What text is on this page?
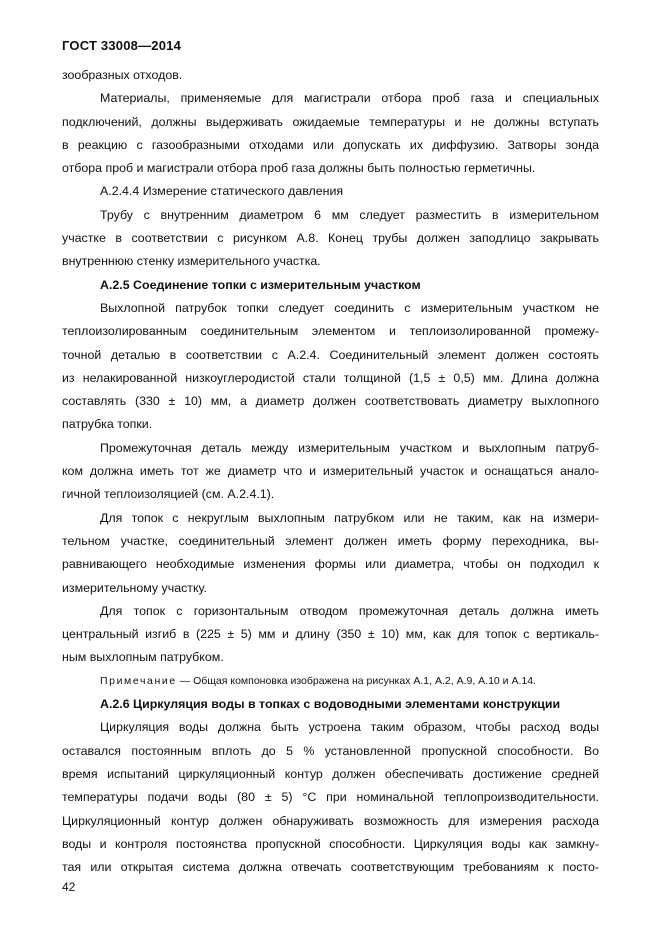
ГОСТ 33008—2014
зообразных отходов.
Материалы, применяемые для магистрали отбора проб газа и специальных
подключений, должны выдерживать ожидаемые температуры и не должны вступать
в реакцию с газообразными отходами или допускать их диффузию. Затворы зонда
отбора проб и магистрали отбора проб газа должны быть полностью герметичны.
А.2.4.4 Измерение статического давления
Трубу с внутренним диаметром 6 мм следует разместить в измерительном
участке в соответствии с рисунком А.8. Конец трубы должен заподлицо закрывать
внутреннюю стенку измерительного участка.
А.2.5 Соединение топки с измерительным участком
Выхлопной патрубок топки следует соединить с измерительным участком не
теплоизолированным соединительным элементом и теплоизолированной промежу-
точной деталью в соответствии с А.2.4. Соединительный элемент должен состоять
из нелакированной низкоуглеродистой стали толщиной (1,5 ± 0,5) мм. Длина должна
составлять (330 ± 10) мм, а диаметр должен соответствовать диаметру выхлопного
патрубка топки.
Промежуточная деталь между измерительным участком и выхлопным патруб-
ком должна иметь тот же диаметр что и измерительный участок и оснащаться анало-
гичной теплоизоляцией (см. А.2.4.1).
Для топок с некруглым выхлопным патрубком или не таким, как на измери-
тельном участке, соединительный элемент должен иметь форму переходника, вы-
равнивающего необходимые изменения формы или диаметра, чтобы он подходил к
измерительному участку.
Для топок с горизонтальным отводом промежуточная деталь должна иметь
центральный изгиб в (225 ± 5) мм и длину (350 ± 10) мм, как для топок с вертикаль-
ным выхлопным патрубком.
Примечание — Общая компоновка изображена на рисунках А.1, А.2, А.9, А.10 и А.14.
А.2.6 Циркуляция воды в топках с водоводными элементами конструкции
Циркуляция воды должна быть устроена таким образом, чтобы расход воды
оставался постоянным вплоть до 5 % установленной пропускной способности. Во
время испытаний циркуляционный контур должен обеспечивать достижение средней
температуры подачи воды (80 ± 5) °С при номинальной теплопроизводительности.
Циркуляционный контур должен обнаруживать возможность для измерения расхода
воды и контроля постоянства пропускной способности. Циркуляция воды как замкну-
тая или открытая система должна отвечать соответствующим требованиям к посто-
42
